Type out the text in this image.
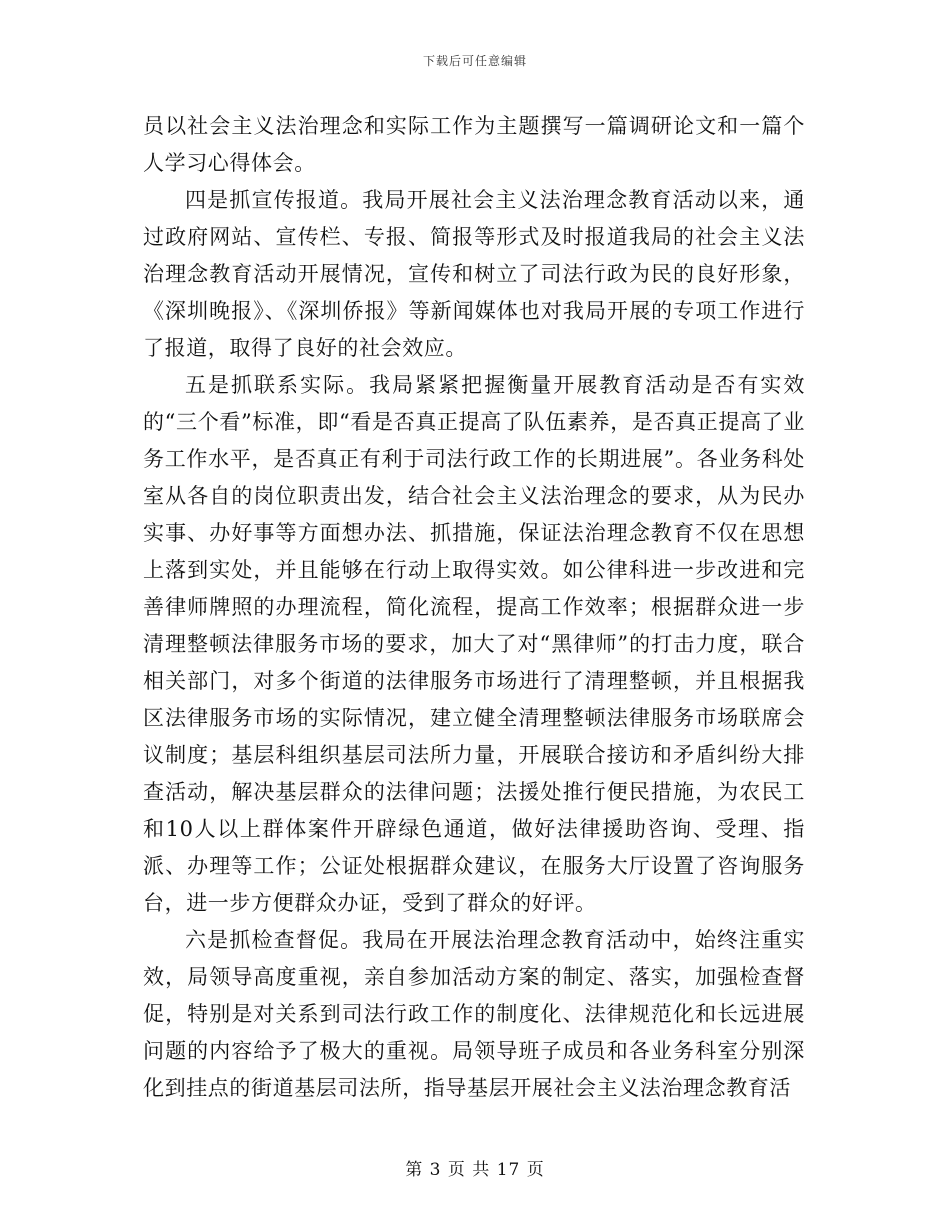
下载后可任意编辑

员以社会主义法治理念和实际工作为主题撰写一篇调研论文和一篇个人学习心得体会。

四是抓宣传报道。我局开展社会主义法治理念教育活动以来，通过政府网站、宣传栏、专报、简报等形式及时报道我局的社会主义法治理念教育活动开展情况，宣传和树立了司法行政为民的良好形象，《深圳晚报》、《深圳侨报》等新闻媒体也对我局开展的专项工作进行了报道，取得了良好的社会效应。

五是抓联系实际。我局紧紧把握衡量开展教育活动是否有实效的“三个看”标准，即“看是否真正提高了队伍素养，是否真正提高了业务工作水平，是否真正有利于司法行政工作的长期进展”。各业务科处室从各自的岗位职责出发，结合社会主义法治理念的要求，从为民办实事、办好事等方面想办法、抓措施，保证法治理念教育不仅在思想上落到实处，并且能够在行动上取得实效。如公律科进一步改进和完善律师牌照的办理流程，简化流程，提高工作效率；根据群众进一步清理整顿法律服务市场的要求，加大了对“黑律师”的打击力度，联合相关部门，对多个街道的法律服务市场进行了清理整顿，并且根据我区法律服务市场的实际情况，建立健全清理整顿法律服务市场联席会议制度；基层科组织基层司法所力量，开展联合接访和矛盾纠纷大排查活动，解决基层群众的法律问题；法援处推行便民措施，为农民工和10人以上群体案件开辟绿色通道，做好法律援助咨询、受理、指派、办理等工作；公证处根据群众建议，在服务大厅设置了咨询服务台，进一步方便群众办证，受到了群众的好评。

六是抓检查督促。我局在开展法治理念教育活动中，始终注重实效，局领导高度重视，亲自参加活动方案的制定、落实，加强检查督促，特别是对关系到司法行政工作的制度化、法律规范化和长远进展问题的内容给予了极大的重视。局领导班子成员和各业务科室分别深化到挂点的街道基层司法所，指导基层开展社会主义法治理念教育活

第 3 页 共 17 页
